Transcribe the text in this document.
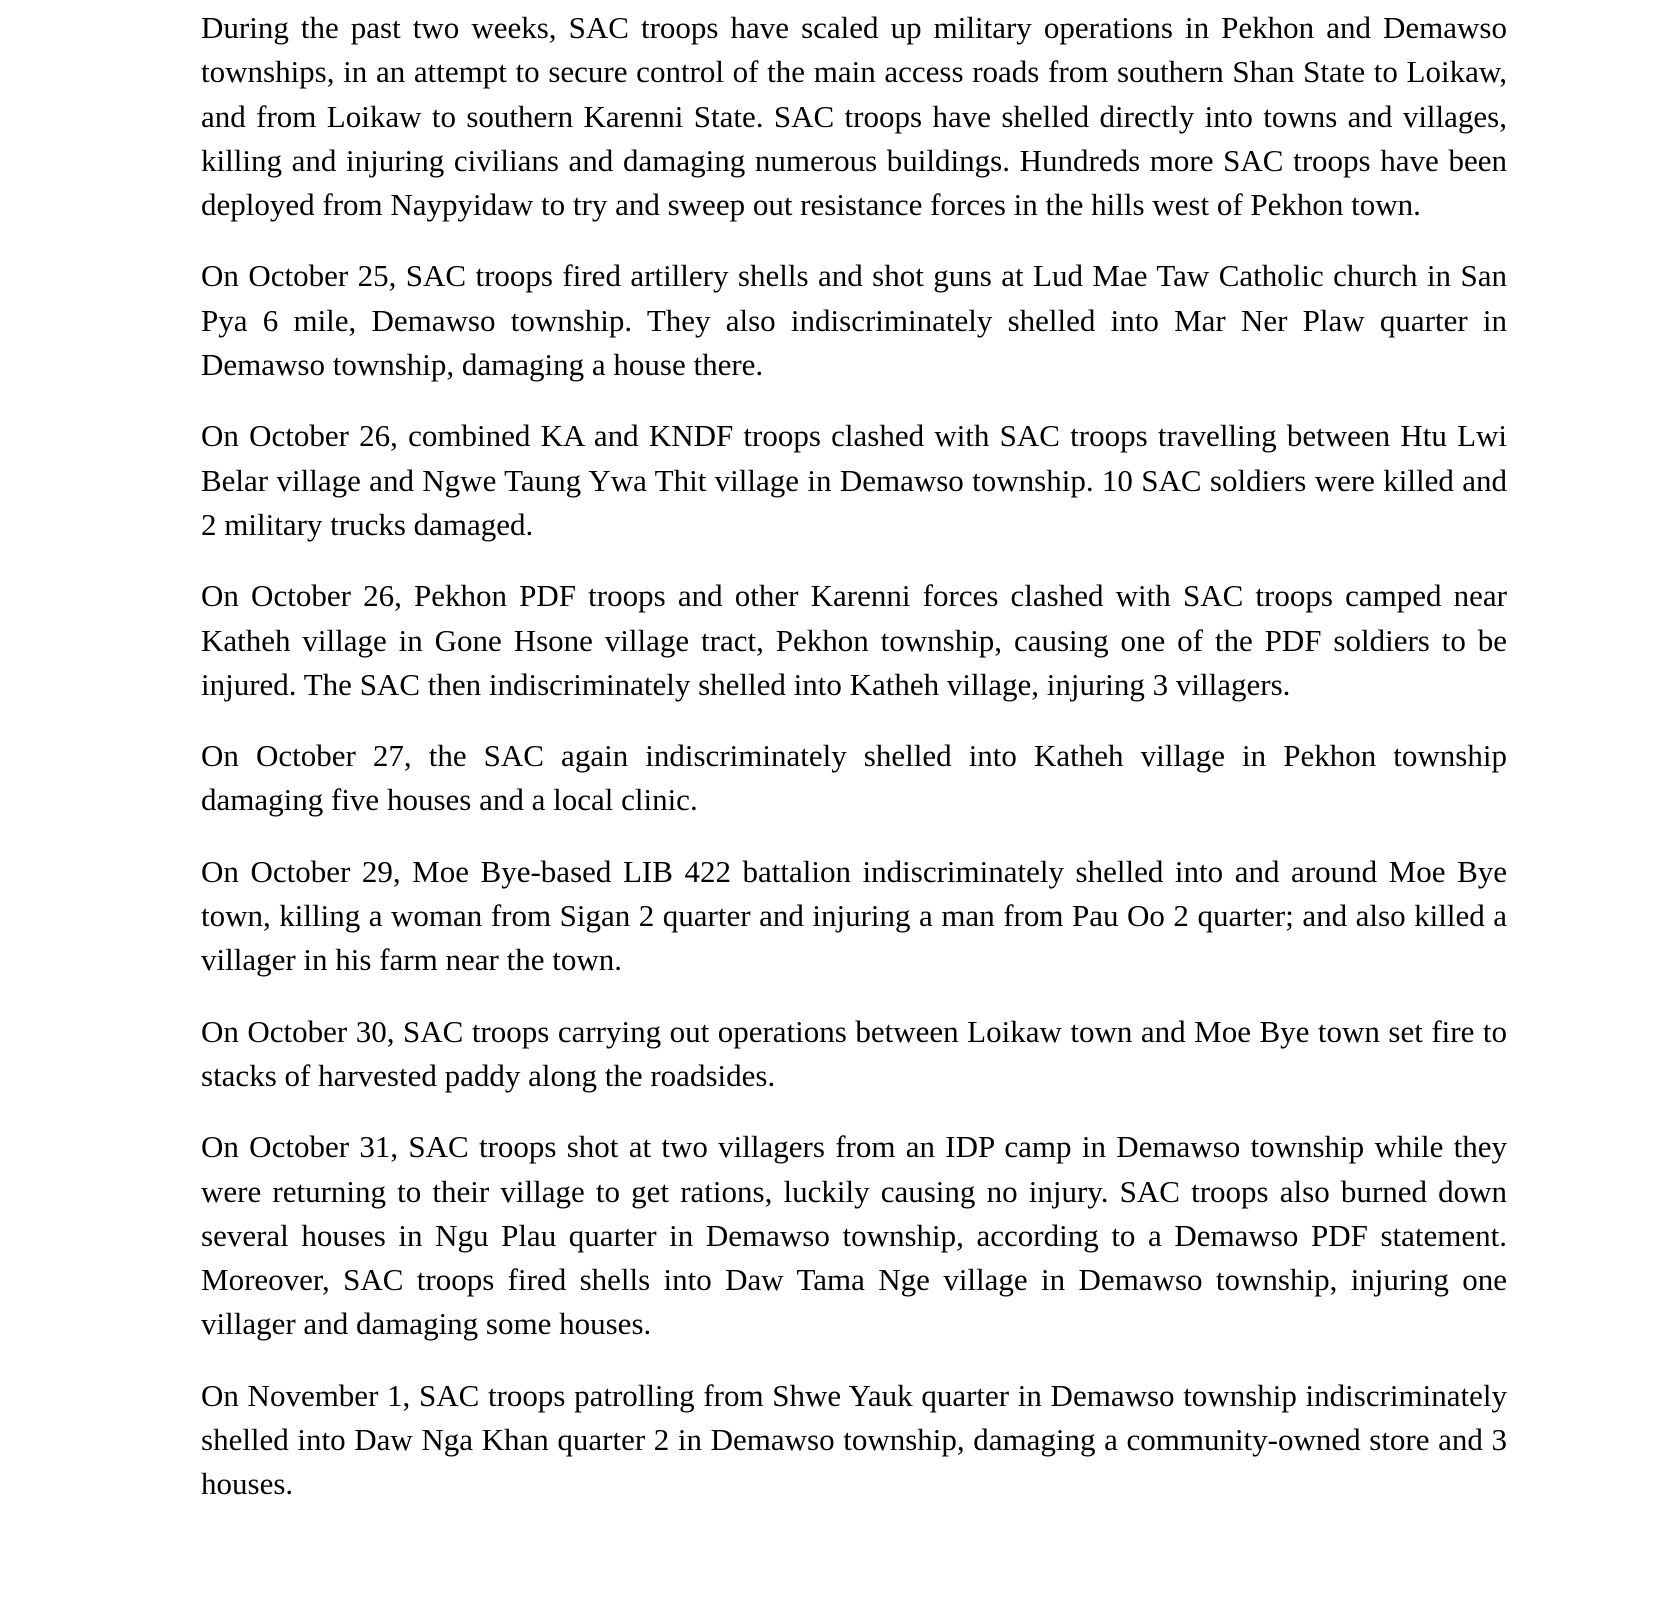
During the past two weeks, SAC troops have scaled up military operations in Pekhon and Demawso townships, in an attempt to secure control of the main access roads from southern Shan State to Loikaw, and from Loikaw to southern Karenni State. SAC troops have shelled directly into towns and villages, killing and injuring civilians and damaging numerous buildings. Hundreds more SAC troops have been deployed from Naypyidaw to try and sweep out resistance forces in the hills west of Pekhon town.

On October 25, SAC troops fired artillery shells and shot guns at Lud Mae Taw Catholic church in San Pya 6 mile, Demawso township. They also indiscriminately shelled into Mar Ner Plaw quarter in Demawso township, damaging a house there.

On October 26, combined KA and KNDF troops clashed with SAC troops travelling between Htu Lwi Belar village and Ngwe Taung Ywa Thit village in Demawso township. 10 SAC soldiers were killed and 2 military trucks damaged.

On October 26, Pekhon PDF troops and other Karenni forces clashed with SAC troops camped near Katheh village in Gone Hsone village tract, Pekhon township, causing one of the PDF soldiers to be injured. The SAC then indiscriminately shelled into Katheh village, injuring 3 villagers.

On October 27, the SAC again indiscriminately shelled into Katheh village in Pekhon township damaging five houses and a local clinic.

On October 29, Moe Bye-based LIB 422 battalion indiscriminately shelled into and around Moe Bye town, killing a woman from Sigan 2 quarter and injuring a man from Pau Oo 2 quarter; and also killed a villager in his farm near the town.

On October 30, SAC troops carrying out operations between Loikaw town and Moe Bye town set fire to stacks of harvested paddy along the roadsides.

On October 31, SAC troops shot at two villagers from an IDP camp in Demawso township while they were returning to their village to get rations, luckily causing no injury. SAC troops also burned down several houses in Ngu Plau quarter in Demawso township, according to a Demawso PDF statement. Moreover, SAC troops fired shells into Daw Tama Nge village in Demawso township, injuring one villager and damaging some houses.

On November 1, SAC troops patrolling from Shwe Yauk quarter in Demawso township indiscriminately shelled into Daw Nga Khan quarter 2 in Demawso township, damaging a community-owned store and 3 houses.
